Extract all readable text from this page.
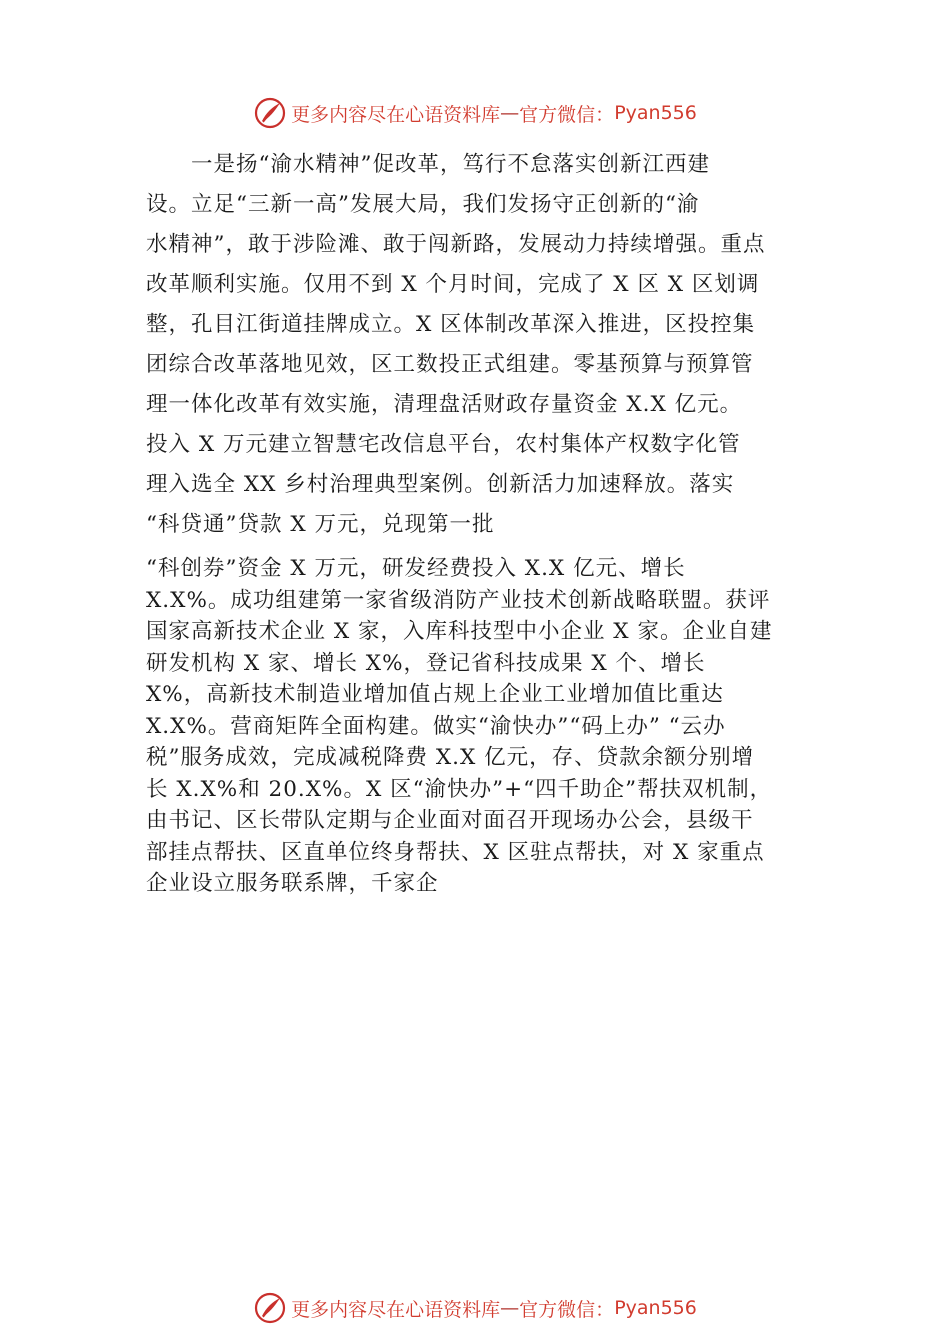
更多内容尽在心语资料库 — 官方微信： Pyan556
　　一是扬“渝水精神”促改革，笃行不怠落实创新江西建
设。立足“三新一高”发展大局，我们发扬守正创新的“渝
水精神”，敢于涉险滩、敢于闯新路，发展动力持续增强。重点
改革顺利实施。仅用不到 X 个月时间，完成了 X 区 X 区划调
整，孔目江街道挂牌成立。X 区体制改革深入推进，区投控集
团综合改革落地见效，区工数投正式组建。零基预算与预算管
理一体化改革有效实施，清理盘活财政存量资金 X.X 亿元。
投入 X 万元建立智慧宅改信息平台，农村集体产权数字化管
理入选全 XX 乡村治理典型案例。创新活力加速释放。落实
“科贷通”贷款 X 万元，兑现第一批
“科创券”资金 X 万元，研发经费投入 X.X 亿元、增长
X.X%。成功组建第一家省级消防产业技术创新战略联盟。获评
国家高新技术企业 X 家，入库科技型中小企业 X 家。企业自建
研发机构 X 家、增长 X%，登记省科技成果 X 个、增长
X%，高新技术制造业增加值占规上企业工业增加值比重达
X.X%。营商矩阵全面构建。做实“渝快办”“码上办” “云办
税”服务成效，完成减税降费 X.X 亿元，存、贷款余额分别增
长 X.X%和 20.X%。X 区“渝快办”+“四千助企”帮扶双机制，
由书记、区长带队定期与企业面对面召开现场办公会，县级干
部挂点帮扶、区直单位终身帮扶、X 区驻点帮扶，对 X 家重点
企业设立服务联系牌，千家企
更多内容尽在心语资料库 — 官方微信： Pyan556
